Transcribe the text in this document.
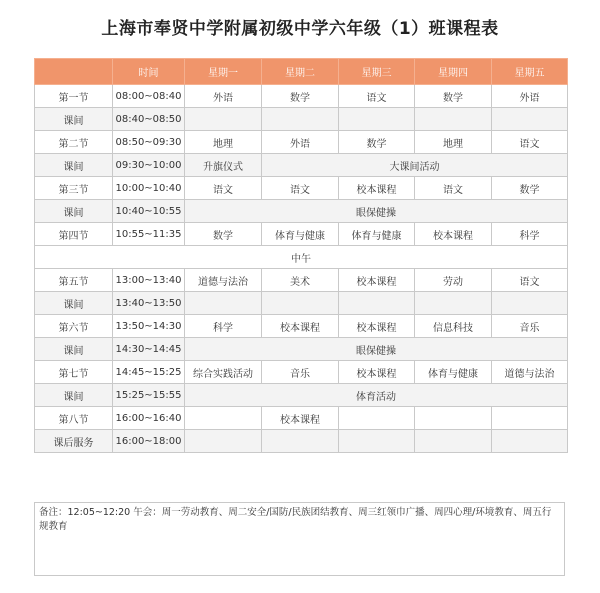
上海市奉贤中学附属初级中学六年级（1）班课程表
	时间	星期一	星期二	星期三	星期四	星期五
第一节	08:00~08:40	外语	数学	语文	数学	外语
课间	08:40~08:50					
第二节	08:50~09:30	地理	外语	数学	地理	语文
课间	09:30~10:00	升旗仪式	大课间活动			
第三节	10:00~10:40	语文	语文	校本课程	语文	数学
课间	10:40~10:55	眼保健操				
第四节	10:55~11:35	数学	体育与健康	体育与健康	校本课程	科学
中午						
第五节	13:00~13:40	道德与法治	美术	校本课程	劳动	语文
课间	13:40~13:50					
第六节	13:50~14:30	科学	校本课程	校本课程	信息科技	音乐
课间	14:30~14:45	眼保健操				
第七节	14:45~15:25	综合实践活动	音乐	校本课程	体育与健康	道德与法治
课间	15:25~15:55	体育活动				
第八节	16:00~16:40		校本课程			
课后服务	16:00~18:00					
备注：12:05~12:20 午会：周一劳动教育、周二安全/国防/民族团结教育、周三红领巾广播、周四心理/环境教育、周五行规教育
